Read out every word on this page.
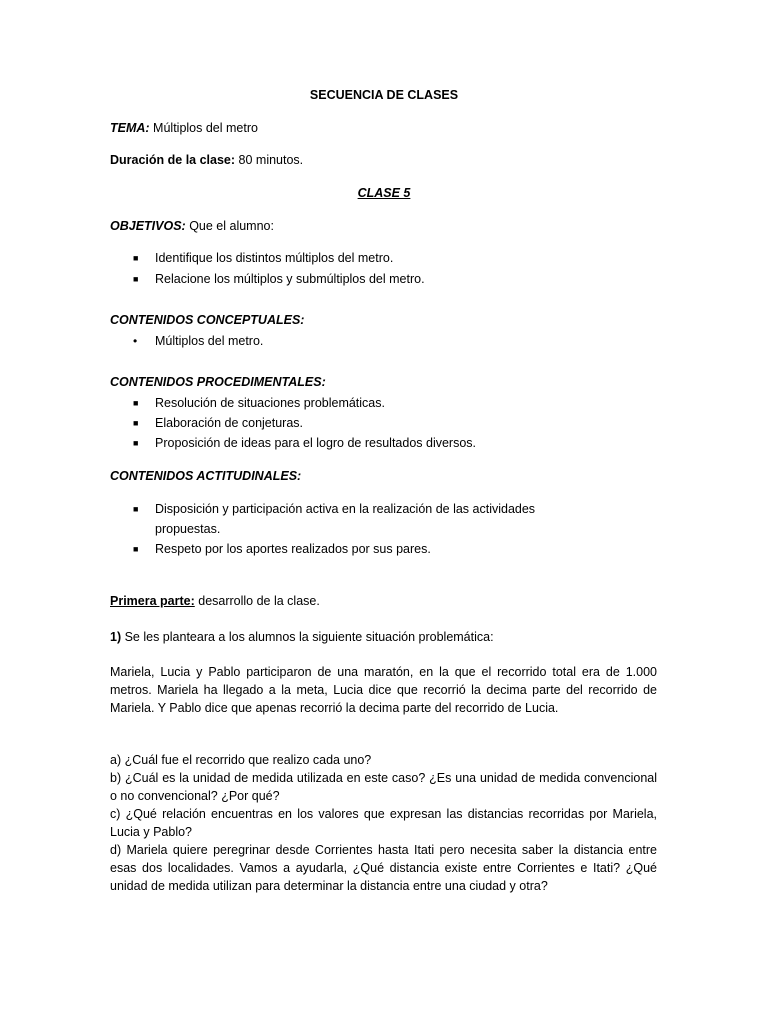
SECUENCIA DE CLASES
TEMA: Múltiplos del metro
Duración de la clase: 80 minutos.
CLASE 5
OBJETIVOS: Que el alumno:
■ Identifique los distintos múltiplos del metro.
■ Relacione los múltiplos y submúltiplos del metro.
CONTENIDOS CONCEPTUALES:
• Múltiplos del metro.
CONTENIDOS PROCEDIMENTALES:
■ Resolución de situaciones problemáticas.
■ Elaboración de conjeturas.
■ Proposición de ideas para el logro de resultados diversos.
CONTENIDOS ACTITUDINALES:
■ Disposición y participación activa en la realización de las actividades
propuestas.
■ Respeto por los aportes realizados por sus pares.
Primera parte: desarrollo de la clase.
1) Se les planteara a los alumnos la siguiente situación problemática:
Mariela, Lucia y Pablo participaron de una maratón, en la que el recorrido total era de 1.000 metros. Mariela ha llegado a la meta, Lucia dice que recorrió la decima parte del recorrido de Mariela. Y Pablo dice que apenas recorrió la decima parte del recorrido de Lucia.
a) ¿Cuál fue el recorrido que realizo cada uno?
b) ¿Cuál es la unidad de medida utilizada en este caso? ¿Es una unidad de medida convencional o no convencional? ¿Por qué?
c) ¿Qué relación encuentras en los valores que expresan las distancias recorridas por Mariela, Lucia y Pablo?
d) Mariela quiere peregrinar desde Corrientes hasta Itati pero necesita saber la distancia entre esas dos localidades. Vamos a ayudarla, ¿Qué distancia existe entre Corrientes e Itati? ¿Qué unidad de medida utilizan para determinar la distancia entre una ciudad y otra?
